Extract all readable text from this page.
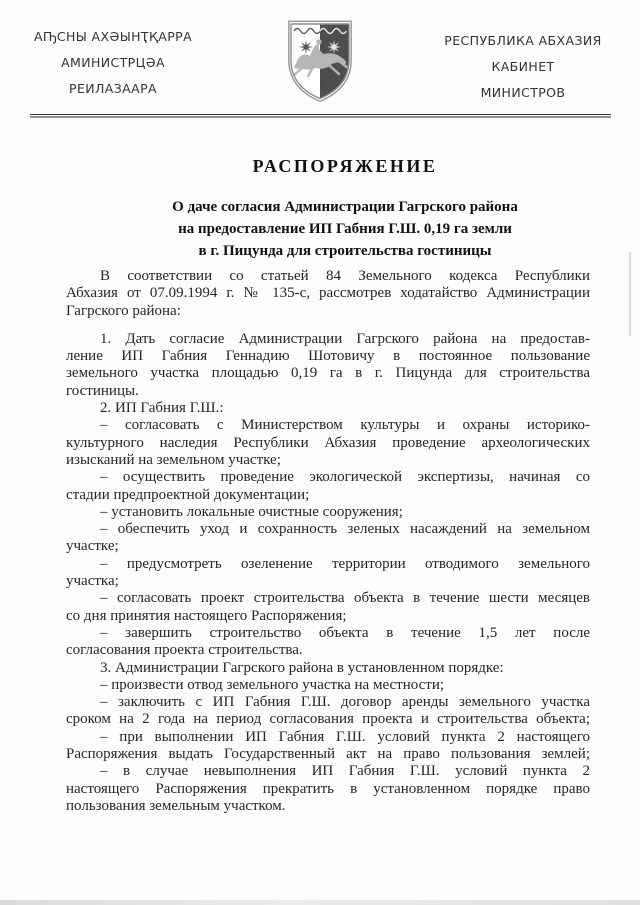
АҦСНЫ АХӘЫНҬҚАРРА
АМИНИСТРЦӘА
РЕИЛАЗААРА
РЕСПУБЛИКА АБХАЗИЯ
КАБИНЕТ
МИНИСТРОВ
РАСПОРЯЖЕНИЕ
О даче согласия Администрации Гагрского района
на предоставление ИП Габния Г.Ш. 0,19 га земли
в г. Пицунда для строительства гостиницы
В соответствии со статьей 84 Земельного кодекса Республики
Абхазия от 07.09.1994 г. № 135-с, рассмотрев ходатайство Администрации
Гагрского района:
1. Дать согласие Администрации Гагрского района на предостав-
ление ИП Габния Геннадию Шотовичу в постоянное пользование
земельного участка площадью 0,19 га в г. Пицунда для строительства
гостиницы.
2. ИП Габния Г.Ш.:
– согласовать с Министерством культуры и охраны историко-
культурного наследия Республики Абхазия проведение археологических
изысканий на земельном участке;
– осуществить проведение экологической экспертизы, начиная со
стадии предпроектной документации;
– установить локальные очистные сооружения;
– обеспечить уход и сохранность зеленых насаждений на земельном
участке;
– предусмотреть озеленение территории отводимого земельного
участка;
– согласовать проект строительства объекта в течение шести месяцев
со дня принятия настоящего Распоряжения;
– завершить строительство объекта в течение 1,5 лет после
согласования проекта строительства.
3. Администрации Гагрского района в установленном порядке:
– произвести отвод земельного участка на местности;
– заключить с ИП Габния Г.Ш. договор аренды земельного участка
сроком на 2 года на период согласования проекта и строительства объекта;
– при выполнении ИП Габния Г.Ш. условий пункта 2 настоящего
Распоряжения выдать Государственный акт на право пользования землей;
– в случае невыполнения ИП Габния Г.Ш. условий пункта 2
настоящего Распоряжения прекратить в установленном порядке право
пользования земельным участком.
